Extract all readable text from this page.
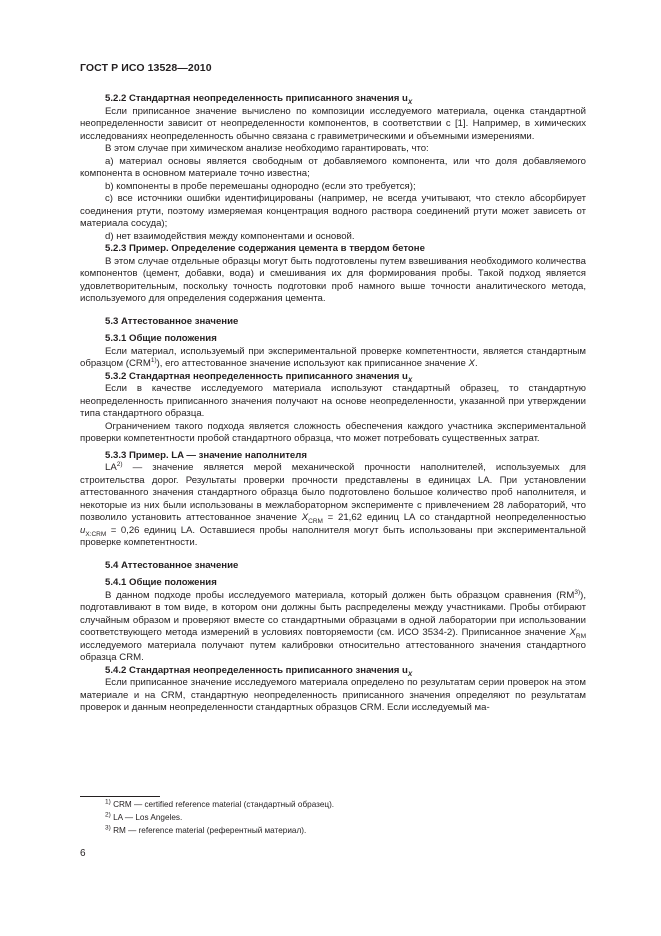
ГОСТ Р ИСО 13528—2010

5.2.2 Стандартная неопределенность приписанного значения $u_X$

Если приписанное значение вычислено по композиции исследуемого материала, оценка стандартной неопределенности зависит от неопределенности компонентов, в соответствии с [1]. Например, в химических исследованиях неопределенность обычно связана с гравиметрическими и объемными измерениями.

В этом случае при химическом анализе необходимо гарантировать, что:

а) материал основы является свободным от добавляемого компонента, или что доля добавляемого компонента в основном материале точно известна;

b) компоненты в пробе перемешаны однородно (если это требуется);

c) все источники ошибки идентифицированы (например, не всегда учитывают, что стекло абсорбирует соединения ртути, поэтому измеряемая концентрация водного раствора соединений ртути может зависеть от материала сосуда);

d) нет взаимодействия между компонентами и основой.

5.2.3 Пример. Определение содержания цемента в твердом бетоне

В этом случае отдельные образцы могут быть подготовлены путем взвешивания необходимого количества компонентов (цемент, добавки, вода) и смешивания их для формирования пробы. Такой подход является удовлетворительным, поскольку точность подготовки проб намного выше точности аналитического метода, используемого для определения содержания цемента.

5.3 Аттестованное значение

5.3.1 Общие положения

Если материал, используемый при экспериментальной проверке компетентности, является стандартным образцом (CRM$^{1)}$), его аттестованное значение используют как приписанное значение X.

5.3.2 Стандартная неопределенность приписанного значения $u_X$

Если в качестве исследуемого материала используют стандартный образец, то стандартную неопределенность приписанного значения получают на основе неопределенности, указанной при утверждении типа стандартного образца.

Ограничением такого подхода является сложность обеспечения каждого участника экспериментальной проверки компетентности пробой стандартного образца, что может потребовать существенных затрат.

5.3.3 Пример. LA — значение наполнителя

LA$^{2)}$ — значение является мерой механической прочности наполнителей, используемых для строительства дорог. Результаты проверки прочности представлены в единицах LA. При установлении аттестованного значения стандартного образца было подготовлено большое количество проб наполнителя, и некоторые из них были использованы в межлабораторном эксперименте с привлечением 28 лабораторий, что позволило установить аттестованное значение $X_{CRM} = 21,62$ единиц LA со стандартной неопределенностью $u_{X:CRM} = 0,26$ единиц LA. Оставшиеся пробы наполнителя могут быть использованы при экспериментальной проверке компетентности.

5.4 Аттестованное значение

5.4.1 Общие положения

В данном подходе пробы исследуемого материала, который должен быть образцом сравнения (RM$^{3)}$), подготавливают в том виде, в котором они должны быть распределены между участниками. Пробы отбирают случайным образом и проверяют вместе со стандартными образцами в одной лаборатории при использовании соответствующего метода измерений в условиях повторяемости (см. ИСО 3534-2). Приписанное значение $X_{RM}$ исследуемого материала получают путем калибровки относительно аттестованного значения стандартного образца CRM.

5.4.2 Стандартная неопределенность приписанного значения $u_X$

Если приписанное значение исследуемого материала определено по результатам серии проверок на этом материале и на CRM, стандартную неопределенность приписанного значения определяют по результатам проверок и данным неопределенности стандартных образцов CRM. Если исследуемый ма-

$^{1)}$ CRM — certified reference material (стандартный образец).
$^{2)}$ LA — Los Angeles.
$^{3)}$ RM — reference material (референтный материал).
6
